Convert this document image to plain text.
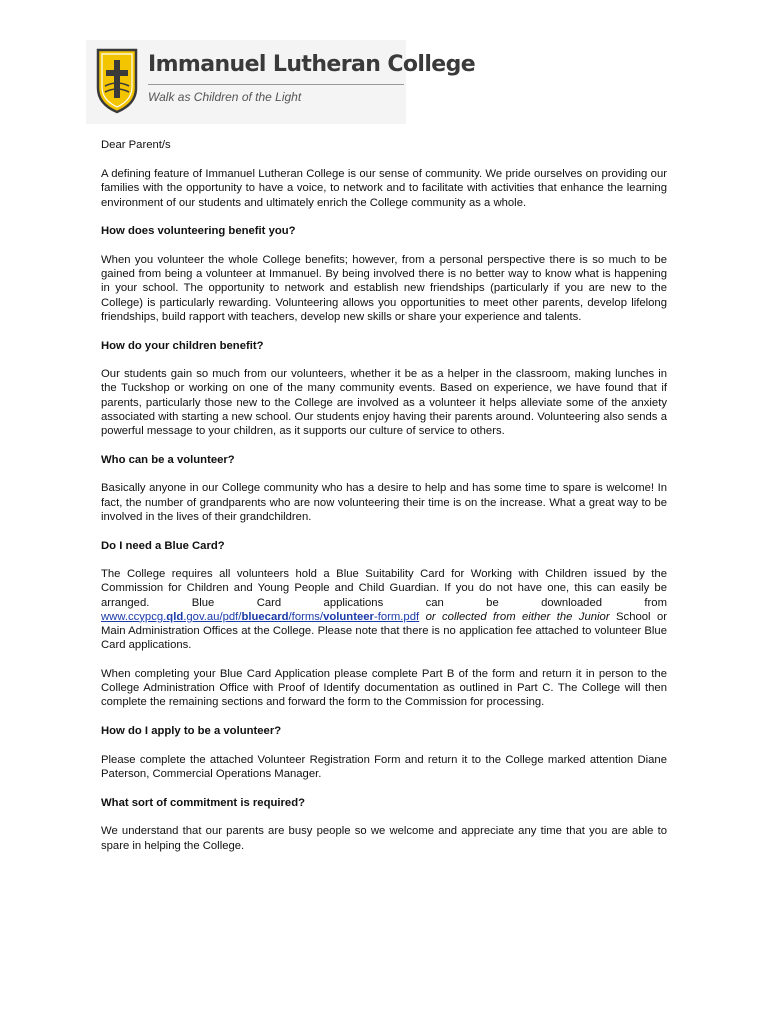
Immanuel Lutheran College
Walk as Children of the Light

Dear Parent/s

A defining feature of Immanuel Lutheran College is our sense of community. We pride ourselves on providing our families with the opportunity to have a voice, to network and to facilitate with activities that enhance the learning environment of our students and ultimately enrich the College community as a whole.

How does volunteering benefit you?

When you volunteer the whole College benefits; however, from a personal perspective there is so much to be gained from being a volunteer at Immanuel. By being involved there is no better way to know what is happening in your school. The opportunity to network and establish new friendships (particularly if you are new to the College) is particularly rewarding. Volunteering allows you opportunities to meet other parents, develop lifelong friendships, build rapport with teachers, develop new skills or share your experience and talents.

How do your children benefit?

Our students gain so much from our volunteers, whether it be as a helper in the classroom, making lunches in the Tuckshop or working on one of the many community events. Based on experience, we have found that if parents, particularly those new to the College are involved as a volunteer it helps alleviate some of the anxiety associated with starting a new school. Our students enjoy having their parents around. Volunteering also sends a powerful message to your children, as it supports our culture of service to others.

Who can be a volunteer?

Basically anyone in our College community who has a desire to help and has some time to spare is welcome! In fact, the number of grandparents who are now volunteering their time is on the increase. What a great way to be involved in the lives of their grandchildren.

Do I need a Blue Card?

The College requires all volunteers hold a Blue Suitability Card for Working with Children issued by the Commission for Children and Young People and Child Guardian. If you do not have one, this can easily be arranged. Blue Card applications can be downloaded from www.ccypcg.qld.gov.au/pdf/bluecard/forms/volunteer-form.pdf or collected from either the Junior School or Main Administration Offices at the College. Please note that there is no application fee attached to volunteer Blue Card applications.

When completing your Blue Card Application please complete Part B of the form and return it in person to the College Administration Office with Proof of Identify documentation as outlined in Part C. The College will then complete the remaining sections and forward the form to the Commission for processing.

How do I apply to be a volunteer?

Please complete the attached Volunteer Registration Form and return it to the College marked attention Diane Paterson, Commercial Operations Manager.

What sort of commitment is required?

We understand that our parents are busy people so we welcome and appreciate any time that you are able to spare in helping the College.
